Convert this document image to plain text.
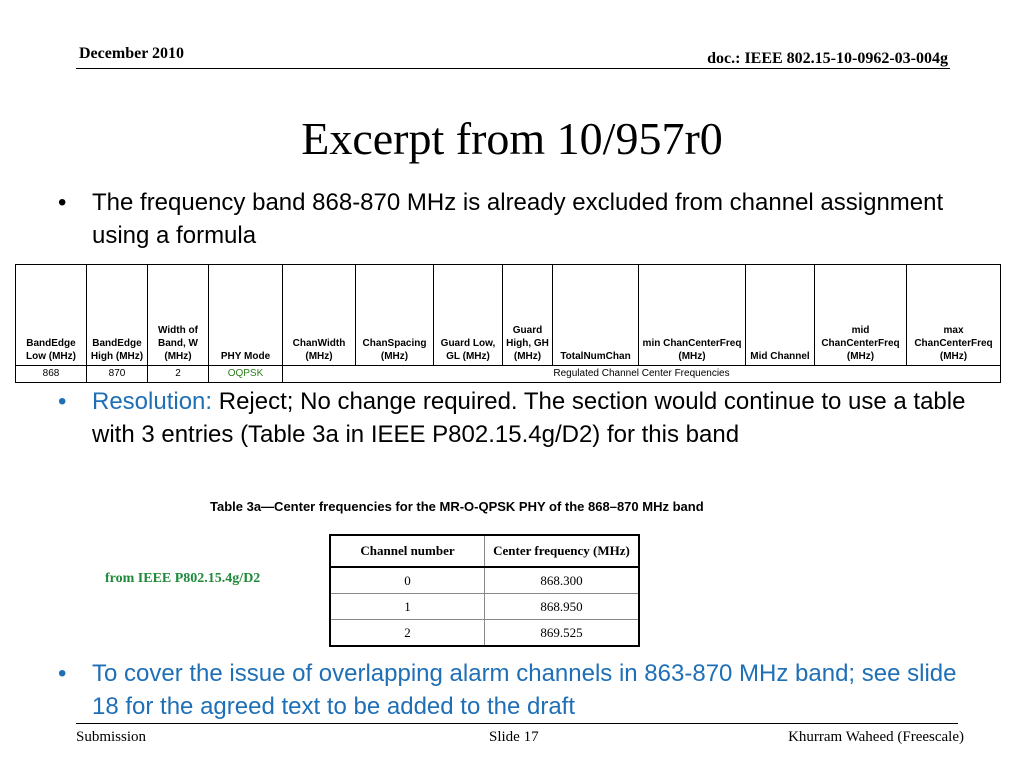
December 2010	doc.: IEEE 802.15-10-0962-03-004g
Excerpt from 10/957r0
• The frequency band 868-870 MHz is already excluded from channel assignment using a formula
BandEdge Low (MHz)	BandEdge High (MHz)	Width of Band, W (MHz)	PHY Mode	ChanWidth (MHz)	ChanSpacing (MHz)	Guard Low, GL (MHz)	Guard High, GH (MHz)	TotalNumChan	min ChanCenterFreq (MHz)	Mid Channel	mid ChanCenterFreq (MHz)	max ChanCenterFreq (MHz)
868	870	2	OQPSK	Regulated Channel Center Frequencies								
• Resolution: Reject; No change required. The section would continue to use a table with 3 entries (Table 3a in IEEE P802.15.4g/D2) for this band
Table 3a—Center frequencies for the MR-O-QPSK PHY of the 868–870 MHz band
Channel number	Center frequency (MHz)
0	868.300
1	868.950
2	869.525
from IEEE P802.15.4g/D2
• To cover the issue of overlapping alarm channels in 863-870 MHz band; see slide 18 for the agreed text to be added to the draft
Submission	Slide 17	Khurram Waheed (Freescale)
